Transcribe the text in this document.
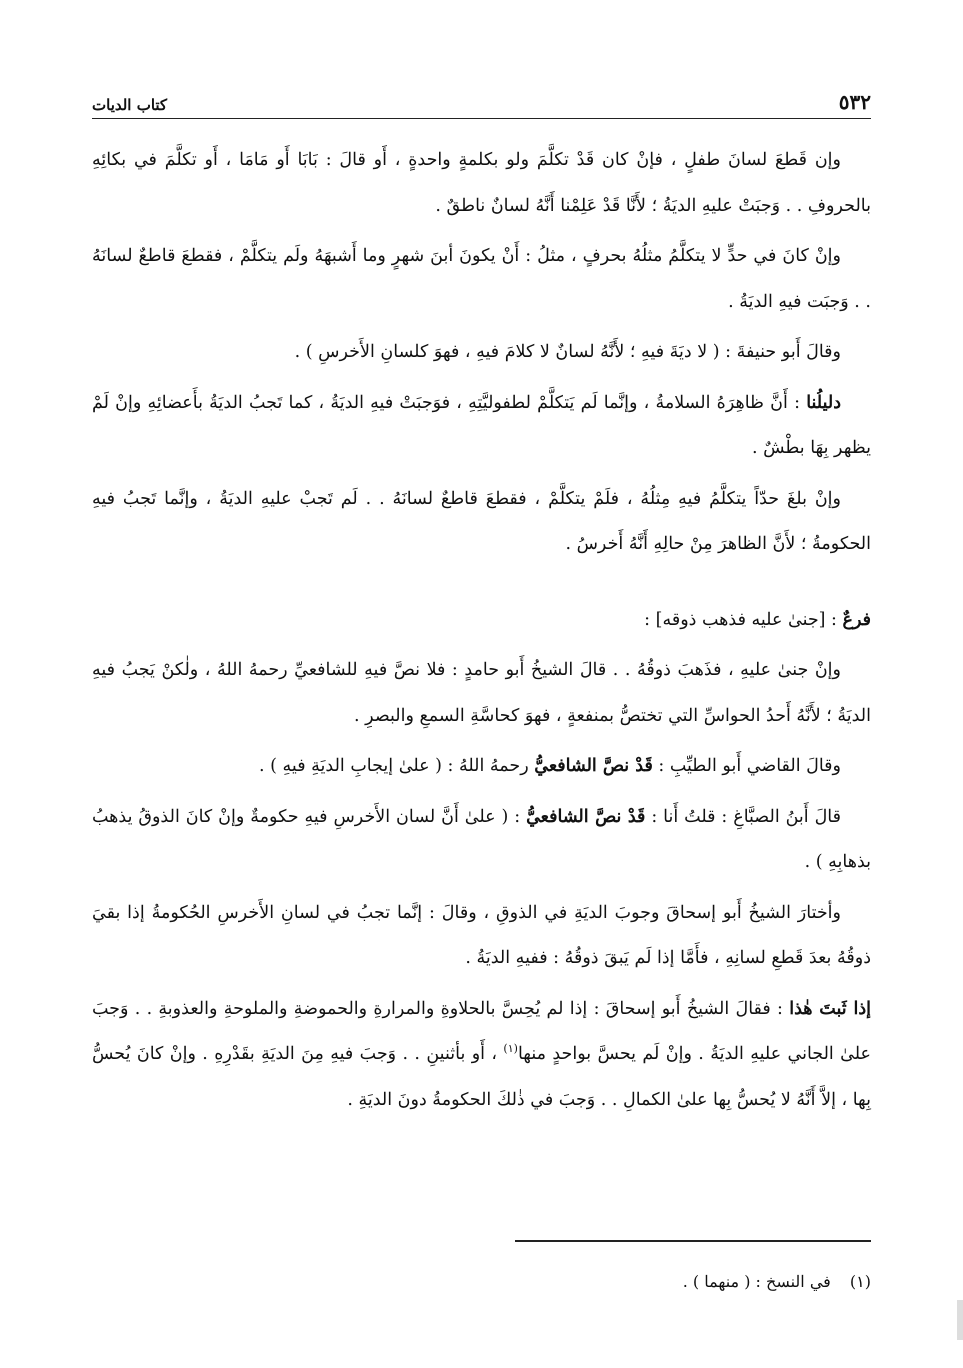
٥٣٢
كتاب الديات

وإن قَطعَ لسانَ طفلٍ ، فإنْ كان قَدْ تكلَّمَ ولو بكلمةٍ واحدةٍ ، أَو قالَ : بَابَا أَو مَامَا ، أَو تكلَّمَ في بكائِهِ بالحروفِ . . وَجبَتْ عليهِ الديَةُ ؛ لأَنَّا قَدْ عَلِمْنا أَنَّهُ لسانٌ ناطقٌ .

وإنْ كانَ في حدٍّ لا يتكلَّمُ مثلُهُ بحرفٍ ، مثلُ : أَنْ يكونَ أبنَ شهرٍ وما أَشبهَهُ ولَم يتكلَّمْ ، فقطعَ قاطعٌ لسانَهُ . . وَجبَت فيهِ الديَةُ .

وقالَ أَبو حنيفةَ : ( لا ديَةَ فيهِ ؛ لأَنَّهُ لسانٌ لا كلامَ فيهِ ، فهوَ كلسانِ الأَخرسِ ) .

دليلُنا : أَنَّ ظاهِرَهُ السلامةُ ، وإنَّما لَم يَتكلَّمْ لطفوليَّتِهِ ، فوَجبَتْ فيهِ الديَةُ ، كما تَجبُ الديَةُ بأَعضائِهِ وإنْ لَمْ يظهر بِهَا بطْشٌ .

وإنْ بلغَ حدّاً يتكلَّمُ فيهِ مِثلُهُ ، فلَمْ يتكلَّمْ ، فقطعَ قاطعٌ لسانَهُ . . لَم تَجبْ عليهِ الديَةُ ، وإنَّما تَجبُ فيهِ الحكومةُ ؛ لأَنَّ الظاهرَ مِنْ حالِهِ أَنَّهُ أَخرسُ .

فرعٌ : [جنىٰ عليه فذهب ذوقه] :

وإنْ جنىٰ عليهِ ، فذَهبَ ذوقُهُ . . قالَ الشيخُ أَبو حامدٍ : فلا نصَّ فيهِ للشافعيِّ رحمهُ اللهُ ، ولٰكنْ يَجبُ فيهِ الديَةُ ؛ لأَنَّهُ أَحدُ الحواسِّ التي تختصُّ بمنفعةٍ ، فهوَ كحاسَّةِ السمعِ والبصرِ .

وقالَ القاضي أَبو الطيِّبِ : قَدْ نصَّ الشافعيُّ رحمهُ اللهُ : ( علىٰ إيجابِ الديَةِ فيهِ ) .

قالَ أَبنُ الصبَّاغِ : قلتُ أَنا : قَدْ نصَّ الشافعيُّ : ( علىٰ أَنَّ لسان الأَخرسِ فيهِ حكومةٌ وإنْ كانَ الذوقُ يذهبُ بذهابِهِ ) .

وأختارَ الشيخُ أَبو إسحاقَ وجوبَ الديَةِ في الذوقِ ، وقالَ : إنَّما تجبُ في لسانِ الأَخرسِ الحُكومةُ إذا بقيَ ذوقُهُ بعدَ قَطعِ لسانِهِ ، فأَمَّا إذا لَم يَبقَ ذوقُهُ : ففيهِ الديَةُ .

إذا ثَبتَ هٰذا : فقالَ الشيخُ أَبو إسحاقَ : إذا لم يُحِسَّ بالحلاوةِ والمرارةِ والحموضةِ والملوحةِ والعذوبةِ . . وَجبَ علىٰ الجاني عليهِ الديَةُ . وإنْ لَم يحسَّ بواحدٍ منها$^{(١)}$ ، أَو بأثنينِ . . وَجبَ فيهِ مِنَ الديَةِ بقَدْرِهِ . وإنْ كانَ يُحسُّ بِها ، إلاَّ أَنَّهُ لا يُحسُّ بِها علىٰ الكمالِ . . وَجبَ في ذٰلكَ الحكومةُ دونَ الديَةِ .

(١) في النسخ : ( منهما ) .
